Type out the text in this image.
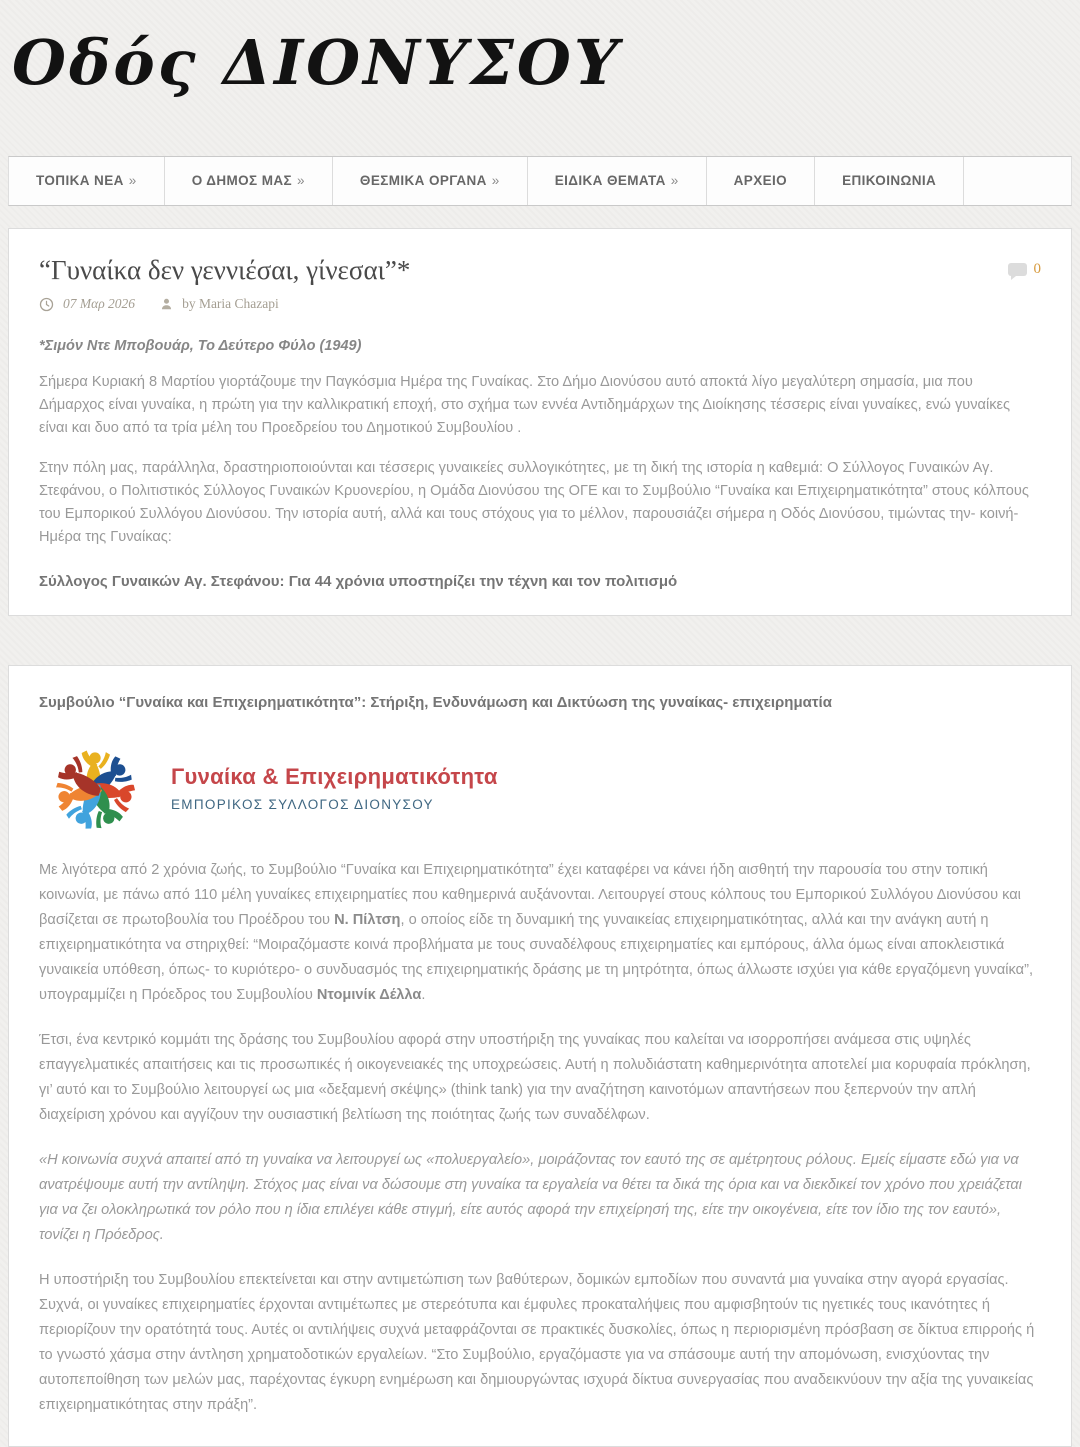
Οδός ΔΙΟΝΥΣΟΥ
ΤΟΠΙΚΑ ΝΕΑ »	Ο ΔΗΜΟΣ ΜΑΣ »	ΘΕΣΜΙΚΑ ΟΡΓΑΝΑ »	ΕΙΔΙΚΑ ΘΕΜΑΤΑ »	ΑΡΧΕΙΟ	ΕΠΙΚΟΙΝΩΝΙΑ
“Γυναίκα δεν γεννιέσαι, γίνεσαι”*
07 Μαρ 2026	by Maria Chazapi
0

*Σιμόν Ντε Μποβουάρ, Το Δεύτερο Φύλο (1949)

Σήμερα Κυριακή 8 Μαρτίου γιορτάζουμε την Παγκόσμια Ημέρα της Γυναίκας. Στο Δήμο Διονύσου αυτό αποκτά λίγο μεγαλύτερη σημασία, μια που Δήμαρχος είναι γυναίκα, η πρώτη για την καλλικρατική εποχή, στο σχήμα των εννέα Αντιδημάρχων της Διοίκησης τέσσερις είναι γυναίκες, ενώ γυναίκες είναι και δυο από τα τρία μέλη του Προεδρείου του Δημοτικού Συμβουλίου .

Στην πόλη μας, παράλληλα, δραστηριοποιούνται και τέσσερις γυναικείες συλλογικότητες, με τη δική της ιστορία η καθεμιά: Ο Σύλλογος Γυναικών Αγ. Στεφάνου, ο Πολιτιστικός Σύλλογος Γυναικών Κρυονερίου, η Ομάδα Διονύσου της ΟΓΕ και το Συμβούλιο “Γυναίκα και Επιχειρηματικότητα” στους κόλπους του Εμπορικού Συλλόγου Διονύσου. Την ιστορία αυτή, αλλά και τους στόχους για το μέλλον, παρουσιάζει σήμερα η Οδός Διονύσου, τιμώντας την- κοινή- Ημέρα της Γυναίκας:

Σύλλογος Γυναικών Αγ. Στεφάνου: Για 44 χρόνια υποστηρίζει την τέχνη και τον πολιτισμό
Συμβούλιο “Γυναίκα και Επιχειρηματικότητα”: Στήριξη, Ενδυνάμωση και Δικτύωση της γυναίκας- επιχειρηματία
Γυναίκα & Επιχειρηματικότητα
ΕΜΠΟΡΙΚΟΣ ΣΥΛΛΟΓΟΣ ΔΙΟΝΥΣΟΥ

Με λιγότερα από 2 χρόνια ζωής, το Συμβούλιο “Γυναίκα και Επιχειρηματικότητα” έχει καταφέρει να κάνει ήδη αισθητή την παρουσία του στην τοπική κοινωνία, με πάνω από 110 μέλη γυναίκες επιχειρηματίες που καθημερινά αυξάνονται. Λειτουργεί στους κόλπους του Εμπορικού Συλλόγου Διονύσου και βασίζεται σε πρωτοβουλία του Προέδρου του Ν. Πίλτση, ο οποίος είδε τη δυναμική της γυναικείας επιχειρηματικότητας, αλλά και την ανάγκη αυτή η επιχειρηματικότητα να στηριχθεί: “Μοιραζόμαστε κοινά προβλήματα με τους συναδέλφους επιχειρηματίες και εμπόρους, άλλα όμως είναι αποκλειστικά γυναικεία υπόθεση, όπως- το κυριότερο- ο συνδυασμός της επιχειρηματικής δράσης με τη μητρότητα, όπως άλλωστε ισχύει για κάθε εργαζόμενη γυναίκα”, υπογραμμίζει η Πρόεδρος του Συμβουλίου Ντομινίκ Δέλλα.

Έτσι, ένα κεντρικό κομμάτι της δράσης του Συμβουλίου αφορά στην υποστήριξη της γυναίκας που καλείται να ισορροπήσει ανάμεσα στις υψηλές επαγγελματικές απαιτήσεις και τις προσωπικές ή οικογενειακές της υποχρεώσεις. Αυτή η πολυδιάστατη καθημερινότητα αποτελεί μια κορυφαία πρόκληση, γι’ αυτό και το Συμβούλιο λειτουργεί ως μια «δεξαμενή σκέψης» (think tank) για την αναζήτηση καινοτόμων απαντήσεων που ξεπερνούν την απλή διαχείριση χρόνου και αγγίζουν την ουσιαστική βελτίωση της ποιότητας ζωής των συναδέλφων.

«Η κοινωνία συχνά απαιτεί από τη γυναίκα να λειτουργεί ως «πολυεργαλείο», μοιράζοντας τον εαυτό της σε αμέτρητους ρόλους. Εμείς είμαστε εδώ για να ανατρέψουμε αυτή την αντίληψη. Στόχος μας είναι να δώσουμε στη γυναίκα τα εργαλεία να θέτει τα δικά της όρια και να διεκδικεί τον χρόνο που χρειάζεται για να ζει ολοκληρωτικά τον ρόλο που η ίδια επιλέγει κάθε στιγμή, είτε αυτός αφορά την επιχείρησή της, είτε την οικογένεια, είτε τον ίδιο της τον εαυτό», τονίζει η Πρόεδρος.

Η υποστήριξη του Συμβουλίου επεκτείνεται και στην αντιμετώπιση των βαθύτερων, δομικών εμποδίων που συναντά μια γυναίκα στην αγορά εργασίας. Συχνά, οι γυναίκες επιχειρηματίες έρχονται αντιμέτωπες με στερεότυπα και έμφυλες προκαταλήψεις που αμφισβητούν τις ηγετικές τους ικανότητες ή περιορίζουν την ορατότητά τους. Αυτές οι αντιλήψεις συχνά μεταφράζονται σε πρακτικές δυσκολίες, όπως η περιορισμένη πρόσβαση σε δίκτυα επιρροής ή το γνωστό χάσμα στην άντληση χρηματοδοτικών εργαλείων. “Στο Συμβούλιο, εργαζόμαστε για να σπάσουμε αυτή την απομόνωση, ενισχύοντας την αυτοπεποίθηση των μελών μας, παρέχοντας έγκυρη ενημέρωση και δημιουργώντας ισχυρά δίκτυα συνεργασίας που αναδεικνύουν την αξία της γυναικείας επιχειρηματικότητας στην πράξη”.
